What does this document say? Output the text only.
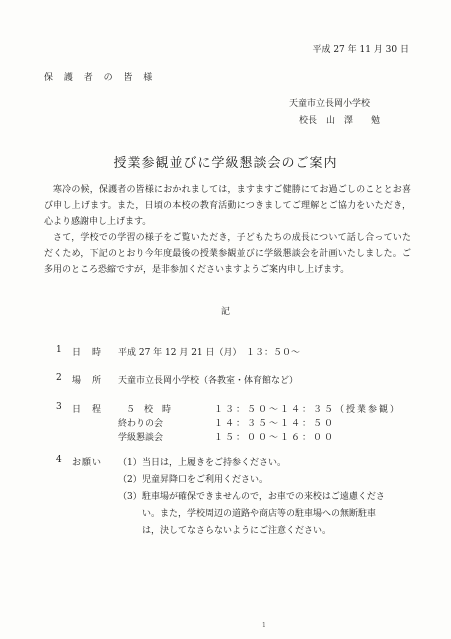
平成 27 年 11 月 30 日
保 護 者 の 皆 様
天童市立長岡小学校
校長　山　澤　　勉
授業参観並びに学級懇談会のご案内

寒冷の候，保護者の皆様におかれましては，ますますご健勝にてお過ごしのこととお喜び申し上げます。また，日頃の本校の教育活動につきましてご理解とご協力をいただき，心より感謝申し上げます。

さて，学校での学習の様子をご覧いただき，子どもたちの成長について話し合っていただくため，下記のとおり今年度最後の授業参観並びに学級懇談会を計画いたしました。ご多用のところ恐縮ですが，是非参加くださいますようご案内申し上げます。

記
1	日　時	平成 27 年 12 月 21 日（月）　１３：５０～
2	場　所	天童市立長岡小学校（各教室・体育館など）
3	日　程	５　校　時	１３：５０～１４：３５（授業参観）
終わりの会	１４：３５～１４：５０
学級懇談会	１５：００～１６：００
4	お願い	（1） 当日は，上履きをご持参ください。
（2） 児童昇降口をご利用ください。
（3） 駐車場が確保できませんので，お車での来校はご遠慮ください。また，学校周辺の道路や商店等の駐車場への無断駐車は，決してなさらないようにご注意ください。
1
